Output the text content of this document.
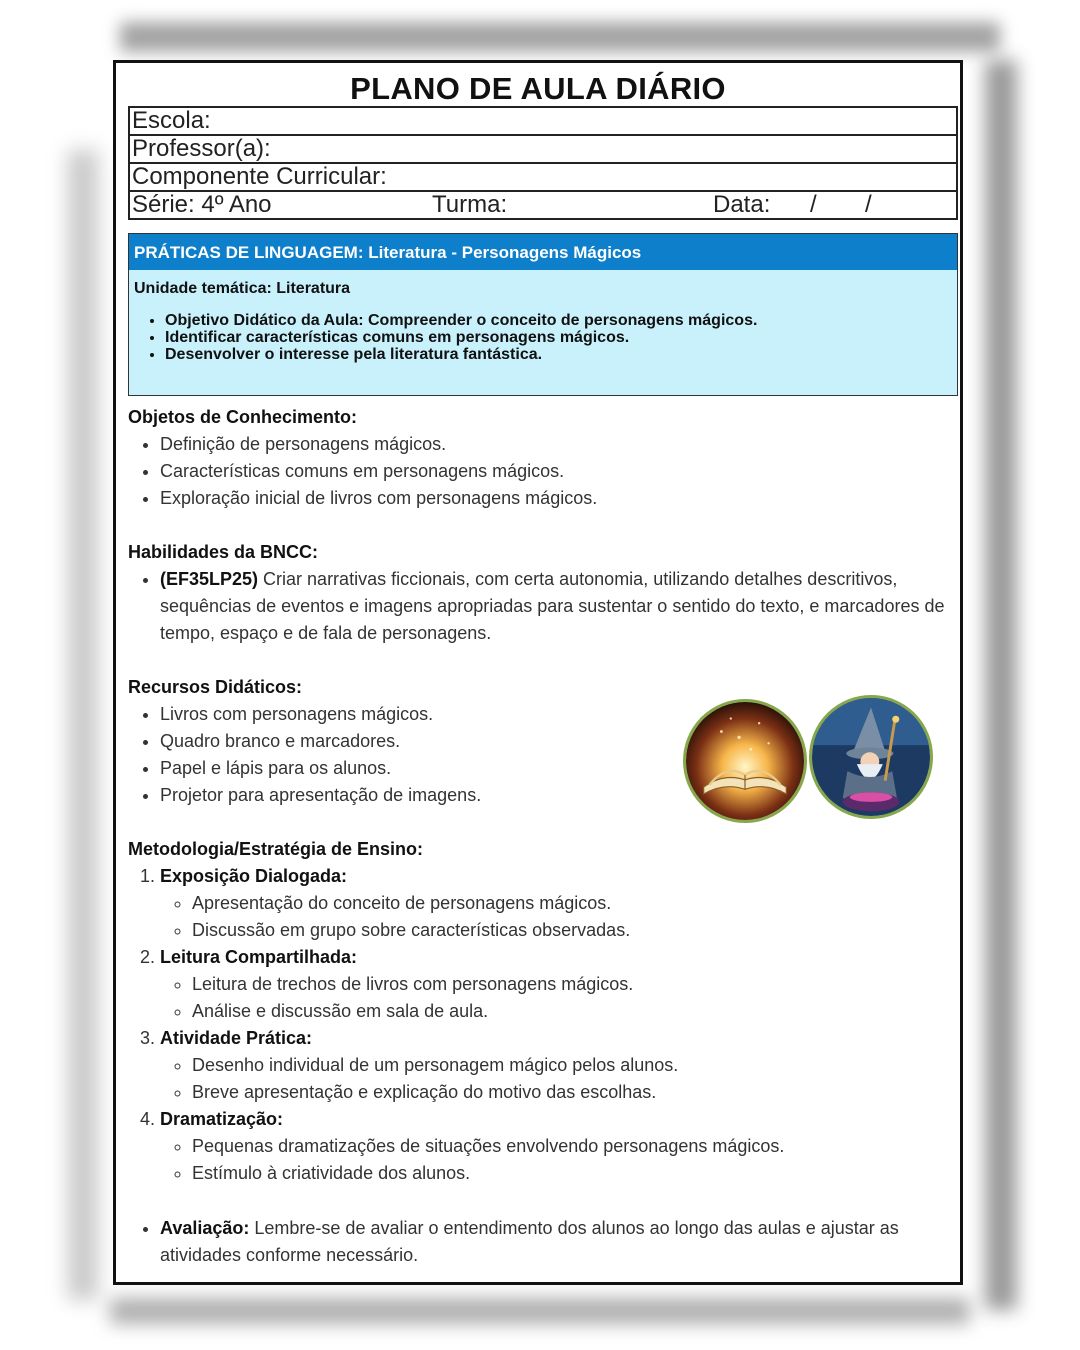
PLANO DE AULA DIÁRIO
Escola:
Professor(a):
Componente Curricular:
Série: 4º Ano	Turma:	Data: / /
PRÁTICAS DE LINGUAGEM: Literatura - Personagens Mágicos
Unidade temática: Literatura
• Objetivo Didático da Aula: Compreender o conceito de personagens mágicos.
• Identificar características comuns em personagens mágicos.
• Desenvolver o interesse pela literatura fantástica.
Objetos de Conhecimento:
• Definição de personagens mágicos.
• Características comuns em personagens mágicos.
• Exploração inicial de livros com personagens mágicos.
Habilidades da BNCC:
• (EF35LP25) Criar narrativas ficcionais, com certa autonomia, utilizando detalhes descritivos, sequências de eventos e imagens apropriadas para sustentar o sentido do texto, e marcadores de tempo, espaço e de fala de personagens.
Recursos Didáticos:
• Livros com personagens mágicos.
• Quadro branco e marcadores.
• Papel e lápis para os alunos.
• Projetor para apresentação de imagens.
Metodologia/Estratégia de Ensino:
1. Exposição Dialogada:
◦ Apresentação do conceito de personagens mágicos.
◦ Discussão em grupo sobre características observadas.
2. Leitura Compartilhada:
◦ Leitura de trechos de livros com personagens mágicos.
◦ Análise e discussão em sala de aula.
3. Atividade Prática:
◦ Desenho individual de um personagem mágico pelos alunos.
◦ Breve apresentação e explicação do motivo das escolhas.
4. Dramatização:
◦ Pequenas dramatizações de situações envolvendo personagens mágicos.
◦ Estímulo à criatividade dos alunos.
• Avaliação: Lembre-se de avaliar o entendimento dos alunos ao longo das aulas e ajustar as atividades conforme necessário.
